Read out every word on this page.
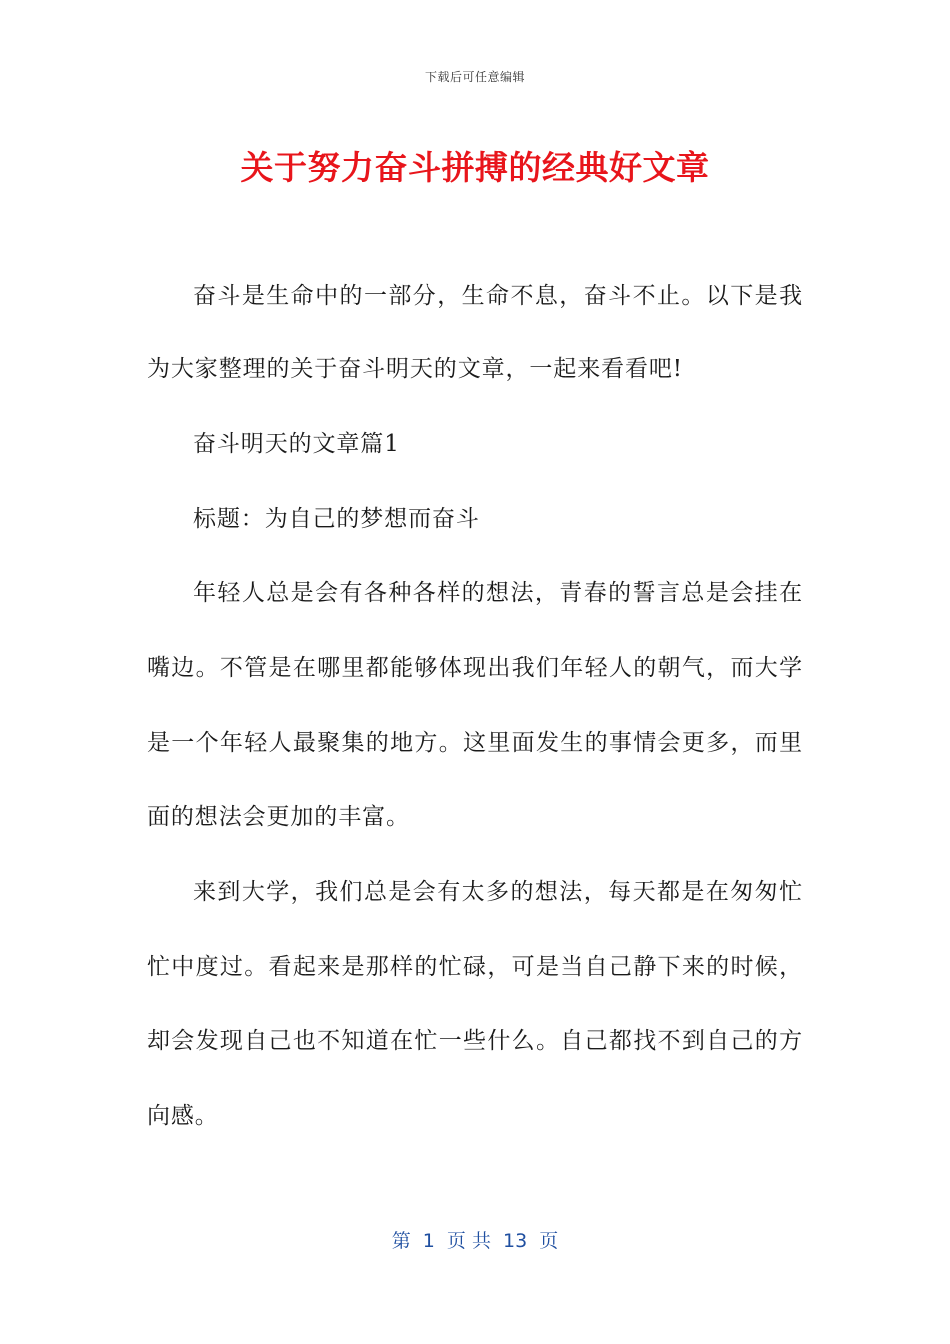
下载后可任意编辑
关于努力奋斗拼搏的经典好文章
奋斗是生命中的一部分，生命不息，奋斗不止。以下是我
为大家整理的关于奋斗明天的文章，一起来看看吧!
奋斗明天的文章篇1
标题：为自己的梦想而奋斗
年轻人总是会有各种各样的想法，青春的誓言总是会挂在
嘴边。不管是在哪里都能够体现出我们年轻人的朝气，而大学
是一个年轻人最聚集的地方。这里面发生的事情会更多，而里
面的想法会更加的丰富。
来到大学，我们总是会有太多的想法，每天都是在匆匆忙
忙中度过。看起来是那样的忙碌，可是当自己静下来的时候，
却会发现自己也不知道在忙一些什么。自己都找不到自己的方
向感。
第  1  页 共  13  页
